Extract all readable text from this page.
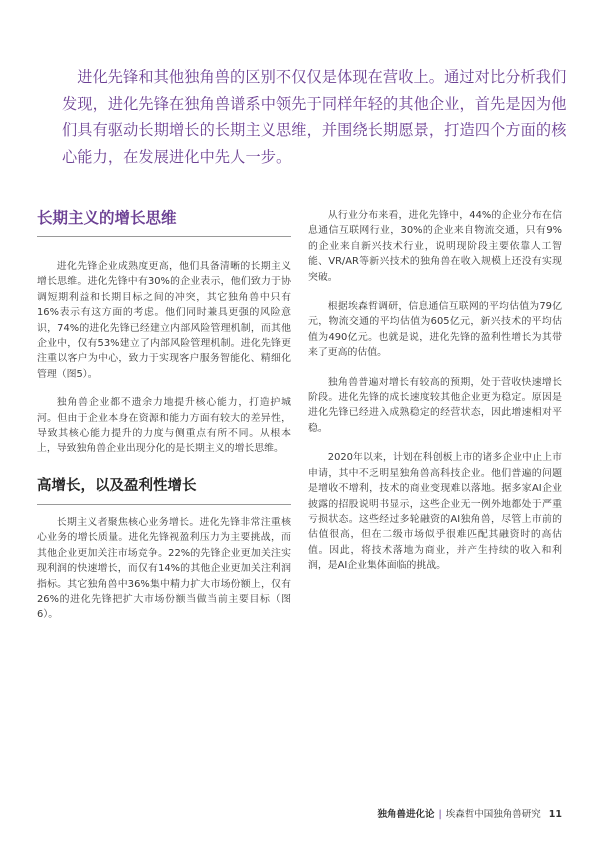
进化先锋和其他独角兽的区别不仅仅是体现在营收上。通过对比分析我们发现，进化先锋在独角兽谱系中领先于同样年轻的其他企业，首先是因为他们具有驱动长期增长的长期主义思维，并围绕长期愿景，打造四个方面的核心能力，在发展进化中先人一步。

长期主义的增长思维

进化先锋企业成熟度更高，他们具备清晰的长期主义增长思维。进化先锋中有30%的企业表示，他们致力于协调短期利益和长期目标之间的冲突，其它独角兽中只有16%表示有这方面的考虑。他们同时兼具更强的风险意识，74%的进化先锋已经建立内部风险管理机制，而其他企业中，仅有53%建立了内部风险管理机制。进化先锋更注重以客户为中心，致力于实现客户服务智能化、精细化管理（图5）。

独角兽企业都不遗余力地提升核心能力，打造护城河。但由于企业本身在资源和能力方面有较大的差异性，导致其核心能力提升的力度与侧重点有所不同。从根本上，导致独角兽企业出现分化的是长期主义的增长思维。

高增长，以及盈利性增长

长期主义者聚焦核心业务增长。进化先锋非常注重核心业务的增长质量。进化先锋视盈利压力为主要挑战，而其他企业更加关注市场竞争。22%的先锋企业更加关注实现利润的快速增长，而仅有14%的其他企业更加关注利润指标。其它独角兽中36%集中精力扩大市场份额上，仅有26%的进化先锋把扩大市场份额当做当前主要目标（图6）。

从行业分布来看，进化先锋中，44%的企业分布在信息通信互联网行业，30%的企业来自物流交通，只有9%的企业来自新兴技术行业，说明现阶段主要依靠人工智能、VR/AR等新兴技术的独角兽在收入规模上还没有实现突破。

根据埃森哲调研，信息通信互联网的平均估值为79亿元，物流交通的平均估值为605亿元，新兴技术的平均估值为490亿元。也就是说，进化先锋的盈利性增长为其带来了更高的估值。

独角兽普遍对增长有较高的预期，处于营收快速增长阶段。进化先锋的成长速度较其他企业更为稳定。原因是进化先锋已经进入成熟稳定的经营状态，因此增速相对平稳。

2020年以来，计划在科创板上市的诸多企业中止上市申请，其中不乏明星独角兽高科技企业。他们普遍的问题是增收不增利，技术的商业变现难以落地。据多家AI企业披露的招股说明书显示，这些企业无一例外地都处于严重亏损状态。这些经过多轮融资的AI独角兽，尽管上市前的估值很高，但在二级市场似乎很难匹配其融资时的高估值。因此，将技术落地为商业，并产生持续的收入和利润，是AI企业集体面临的挑战。

独角兽进化论 | 埃森哲中国独角兽研究 11
